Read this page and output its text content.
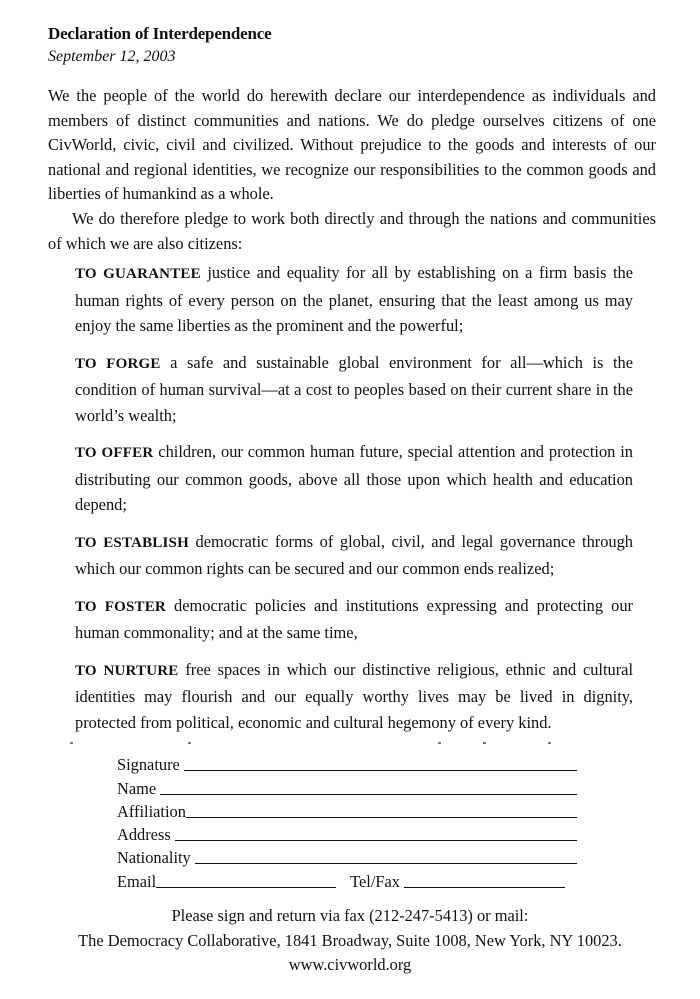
Declaration of Interdependence
September 12, 2003

We the people of the world do herewith declare our interdependence as individuals and members of distinct communities and nations. We do pledge ourselves citizens of one CivWorld, civic, civil and civilized. Without prejudice to the goods and interests of our national and regional identities, we recognize our responsibilities to the common goods and liberties of humankind as a whole.

We do therefore pledge to work both directly and through the nations and communities of which we are also citizens:

TO GUARANTEE justice and equality for all by establishing on a firm basis the human rights of every person on the planet, ensuring that the least among us may enjoy the same liberties as the prominent and the powerful;

TO FORGE a safe and sustainable global environment for all—which is the condition of human survival—at a cost to peoples based on their current share in the world’s wealth;

TO OFFER children, our common human future, special attention and protection in distributing our common goods, above all those upon which health and education depend;

TO ESTABLISH democratic forms of global, civil, and legal governance through which our common rights can be secured and our common ends realized;

TO FOSTER democratic policies and institutions expressing and protecting our human commonality; and at the same time,

TO NURTURE free spaces in which our distinctive religious, ethnic and cultural identities may flourish and our equally worthy lives may be lived in dignity, protected from political, economic and cultural hegemony of every kind.

Signature
Name
Affiliation
Address
Nationality
Email	Tel/Fax
Please sign and return via fax (212-247-5413) or mail:
The Democracy Collaborative, 1841 Broadway, Suite 1008, New York, NY 10023.
www.civworld.org
